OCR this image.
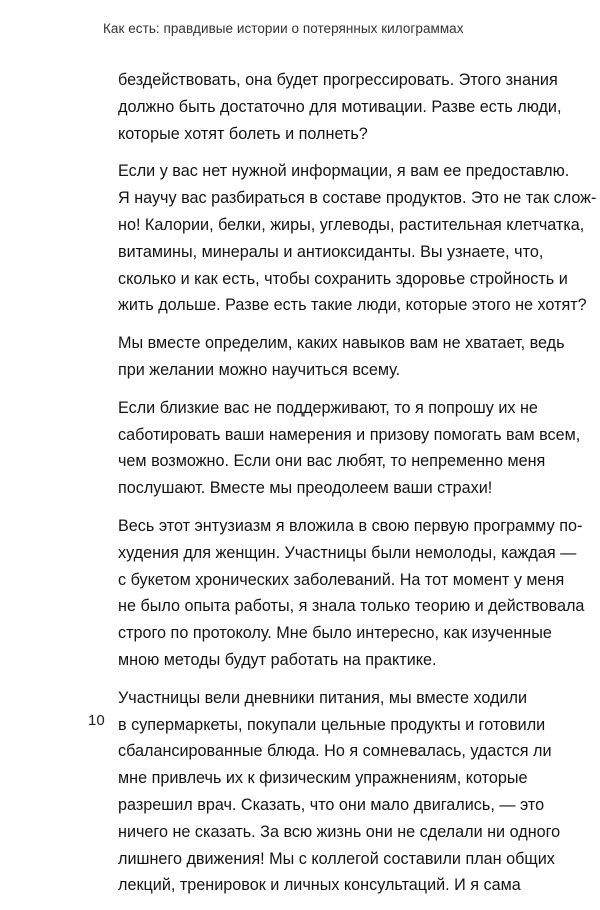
Как есть: правдивые истории о потерянных килограммах

бездействовать, она будет прогрессировать. Этого знания
должно быть достаточно для мотивации. Разве есть люди,
которые хотят болеть и полнеть?

Если у вас нет нужной информации, я вам ее предоставлю.
Я научу вас разбираться в составе продуктов. Это не так слож-
но! Калории, белки, жиры, углеводы, растительная клетчатка,
витамины, минералы и антиоксиданты. Вы узнаете, что,
сколько и как есть, чтобы сохранить здоровье стройность и
жить дольше. Разве есть такие люди, которые этого не хотят?

Мы вместе определим, каких навыков вам не хватает, ведь
при желании можно научиться всему.

Если близкие вас не поддерживают, то я попрошу их не
саботировать ваши намерения и призову помогать вам всем,
чем возможно. Если они вас любят, то непременно меня
послушают. Вместе мы преодолеем ваши страхи!

Весь этот энтузиазм я вложила в свою первую программу по-
худения для женщин. Участницы были немолоды, каждая —
с букетом хронических заболеваний. На тот момент у меня
не было опыта работы, я знала только теорию и действовала
строго по протоколу. Мне было интересно, как изученные
мною методы будут работать на практике.

Участницы вели дневники питания, мы вместе ходили
в супермаркеты, покупали цельные продукты и готовили
сбалансированные блюда. Но я сомневалась, удастся ли
мне привлечь их к физическим упражнениям, которые
разрешил врач. Сказать, что они мало двигались, — это
ничего не сказать. За всю жизнь они не сделали ни одного
лишнего движения! Мы с коллегой составили план общих
лекций, тренировок и личных консультаций. И я сама

10
